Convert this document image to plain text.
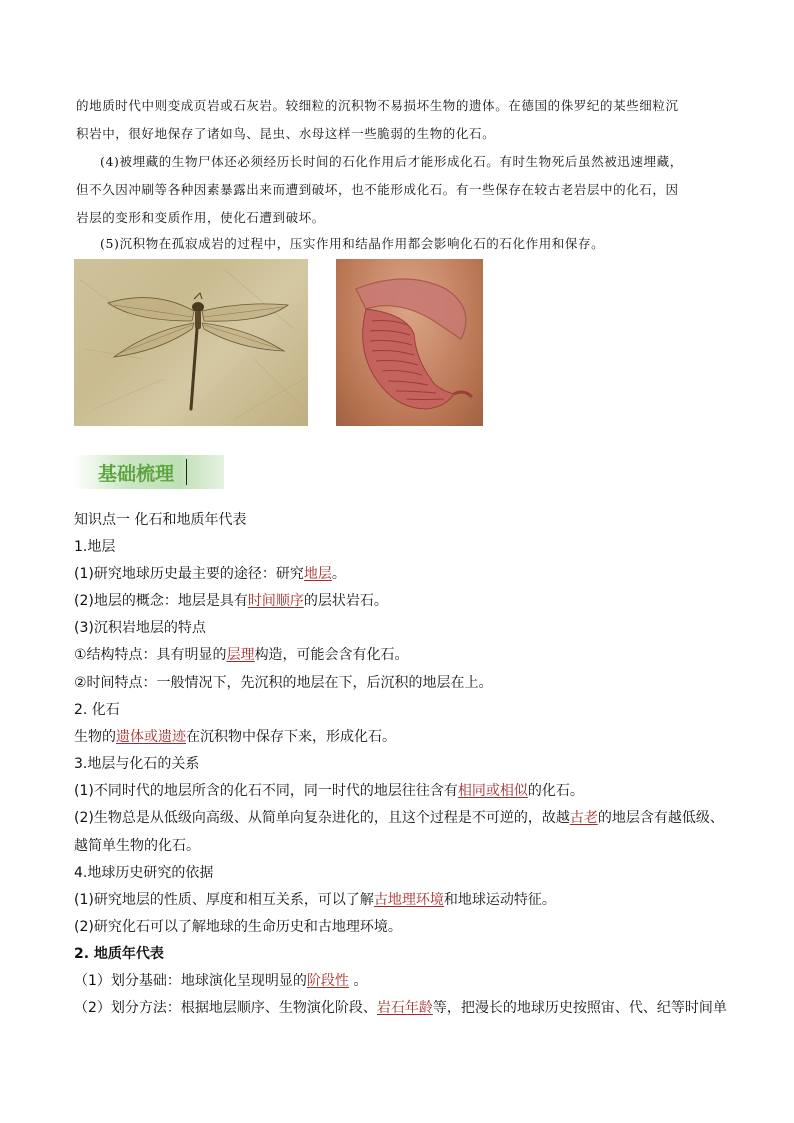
的地质时代中则变成页岩或石灰岩。较细粒的沉积物不易损坏生物的遗体。在德国的侏罗纪的某些细粒沉
积岩中，很好地保存了诸如鸟、昆虫、水母这样一些脆弱的生物的化石。
(4)被埋藏的生物尸体还必须经历长时间的石化作用后才能形成化石。有时生物死后虽然被迅速埋藏，
但不久因冲刷等各种因素暴露出来而遭到破坏，也不能形成化石。有一些保存在较古老岩层中的化石，因
岩层的变形和变质作用，使化石遭到破坏。
(5)沉积物在孤寂成岩的过程中，压实作用和结晶作用都会影响化石的石化作用和保存。
基础梳理
知识点一 化石和地质年代表
1.地层
(1)研究地球历史最主要的途径：研究地层。
(2)地层的概念：地层是具有时间顺序的层状岩石。
(3)沉积岩地层的特点
①结构特点：具有明显的层理构造，可能会含有化石。
②时间特点：一般情况下，先沉积的地层在下，后沉积的地层在上。
2. 化石
生物的遗体或遗迹在沉积物中保存下来，形成化石。
3.地层与化石的关系
(1)不同时代的地层所含的化石不同，同一时代的地层往往含有相同或相似的化石。
(2)生物总是从低级向高级、从简单向复杂进化的，且这个过程是不可逆的，故越古老的地层含有越低级、
越简单生物的化石。
4.地球历史研究的依据
(1)研究地层的性质、厚度和相互关系，可以了解古地理环境和地球运动特征。
(2)研究化石可以了解地球的生命历史和古地理环境。
2. 地质年代表
（1）划分基础：地球演化呈现明显的阶段性 。
（2）划分方法：根据地层顺序、生物演化阶段、岩石年龄等，把漫长的地球历史按照宙、代、纪等时间单
